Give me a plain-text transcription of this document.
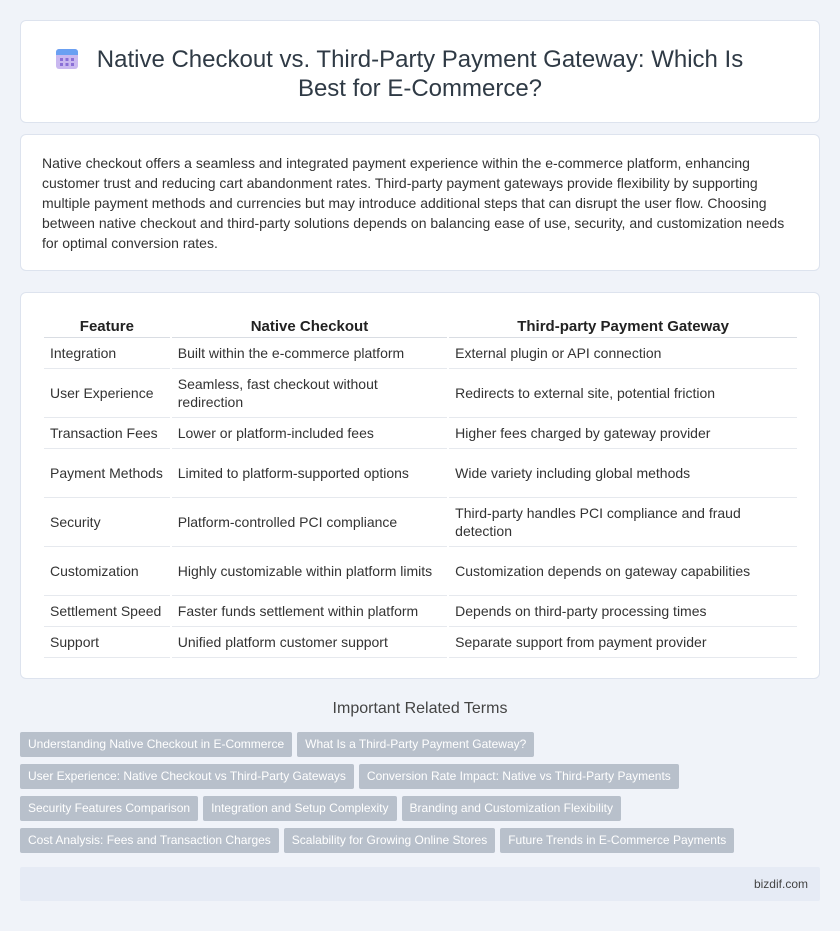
Native Checkout vs. Third-Party Payment Gateway: Which Is Best for E-Commerce?

Native checkout offers a seamless and integrated payment experience within the e-commerce platform, enhancing customer trust and reducing cart abandonment rates. Third-party payment gateways provide flexibility by supporting multiple payment methods and currencies but may introduce additional steps that can disrupt the user flow. Choosing between native checkout and third-party solutions depends on balancing ease of use, security, and customization needs for optimal conversion rates.

Feature	Native Checkout	Third-party Payment Gateway
Integration	Built within the e-commerce platform	External plugin or API connection
User Experience	Seamless, fast checkout without redirection	Redirects to external site, potential friction
Transaction Fees	Lower or platform-included fees	Higher fees charged by gateway provider
Payment Methods	Limited to platform-supported options	Wide variety including global methods
Security	Platform-controlled PCI compliance	Third-party handles PCI compliance and fraud detection
Customization	Highly customizable within platform limits	Customization depends on gateway capabilities
Settlement Speed	Faster funds settlement within platform	Depends on third-party processing times
Support	Unified platform customer support	Separate support from payment provider
Important Related Terms
Understanding Native Checkout in E-Commerce What Is a Third-Party Payment Gateway?
User Experience: Native Checkout vs Third-Party Gateways Conversion Rate Impact: Native vs Third-Party Payments
Security Features Comparison Integration and Setup Complexity Branding and Customization Flexibility
Cost Analysis: Fees and Transaction Charges Scalability for Growing Online Stores Future Trends in E-Commerce Payments
bizdif.com
